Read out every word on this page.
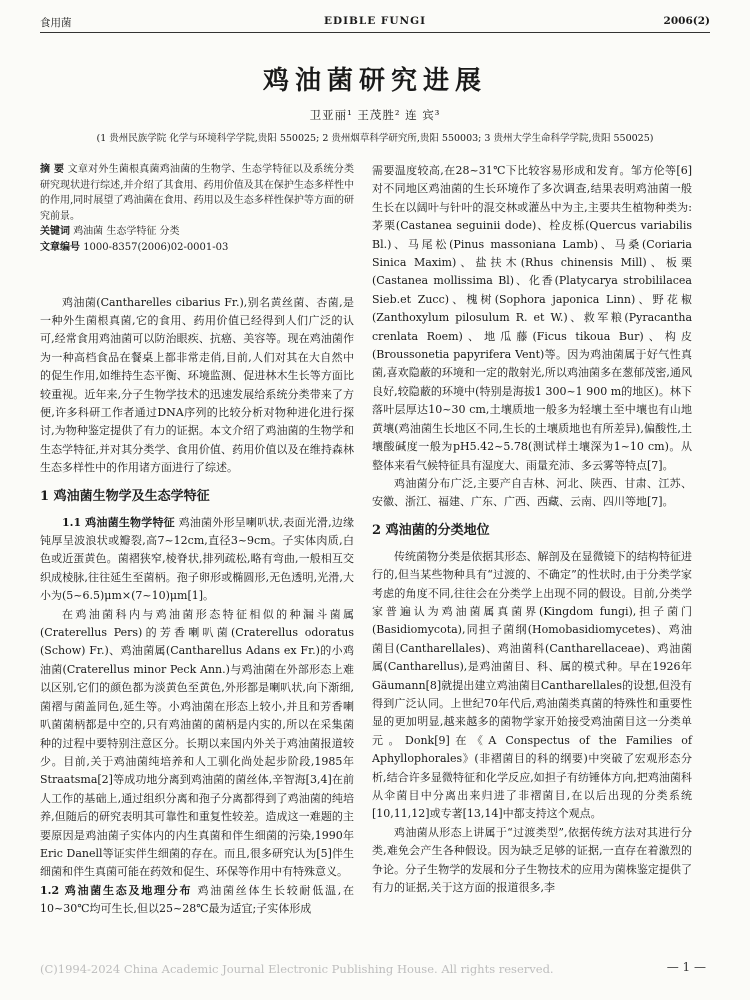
食用菌	EDIBLE FUNGI	2006(2)
鸡油菌研究进展
卫亚丽¹ 王茂胜² 连 宾³
(1 贵州民族学院 化学与环境科学学院,贵阳 550025; 2 贵州烟草科学研究所,贵阳 550003; 3 贵州大学生命科学学院,贵阳 550025)
摘 要 文章对外生菌根真菌鸡油菌的生物学、生态学特征以及系统分类研究现状进行综述,并介绍了其食用、药用价值及其在保护生态多样性中的作用,同时展望了鸡油菌在食用、药用以及生态多样性保护等方面的研究前景。
关键词 鸡油菌 生态学特征 分类
文章编号 1000-8357(2006)02-0001-03

鸡油菌(Cantharelles cibarius Fr.),别名黄丝菌、杏菌,是一种外生菌根真菌,它的食用、药用价值已经得到人们广泛的认可,经常食用鸡油菌可以防治眼疾、抗癌、美容等。现在鸡油菌作为一种高档食品在餐桌上都非常走俏,目前,人们对其在大自然中的促生作用,如维持生态平衡、环境监测、促进林木生长等方面比较重视。近年来,分子生物学技术的迅速发展给系统分类带来了方便,许多科研工作者通过DNA序列的比较分析对物种进化进行探讨,为物种鉴定提供了有力的证据。本文介绍了鸡油菌的生物学和生态学特征,并对其分类学、食用价值、药用价值以及在维持森林生态多样性中的作用诸方面进行了综述。

1 鸡油菌生物学及生态学特征

1.1 鸡油菌生物学特征 鸡油菌外形呈喇叭状,表面光滑,边缘钝厚呈波浪状或瓣裂,高7~12cm,直径3~9cm。子实体肉质,白色或近蛋黄色。菌褶狭窄,棱脊状,排列疏松,略有弯曲,一般相互交织成棱脉,往往延生至菌柄。孢子卵形或椭圆形,无色透明,光滑,大小为(5~6.5)μm×(7~10)μm[1]。

在鸡油菌科内与鸡油菌形态特征相似的种漏斗菌属(Craterellus Pers)的芳香喇叭菌(Craterellus odoratus (Schow) Fr.)、鸡油菌属(Cantharellus Adans ex Fr.)的小鸡油菌(Craterellus minor Peck Ann.)与鸡油菌在外部形态上难以区别,它们的颜色都为淡黄色至黄色,外形都是喇叭状,向下渐细,菌褶与菌盖同色,延生等。小鸡油菌在形态上较小,并且和芳香喇叭菌菌柄都是中空的,只有鸡油菌的菌柄是内实的,所以在采集菌种的过程中要特别注意区分。长期以来国内外关于鸡油菌报道较少。目前,关于鸡油菌纯培养和人工驯化尚处起步阶段,1985年Straatsma[2]等成功地分离到鸡油菌的菌丝体,辛智海[3,4]在前人工作的基础上,通过组织分离和孢子分离都得到了鸡油菌的纯培养,但随后的研究表明其可靠性和重复性较差。造成这一难题的主要原因是鸡油菌子实体内的内生真菌和伴生细菌的污染,1990年Eric Danell等证实伴生细菌的存在。而且,很多研究认为[5]伴生细菌和伴生真菌可能在药效和促生、环保等作用中有特殊意义。

1.2 鸡油菌生态及地理分布 鸡油菌丝体生长较耐低温,在10~30℃均可生长,但以25~28℃最为适宜;子实体形成

需要温度较高,在28~31℃下比较容易形成和发育。邹方伦等[6]对不同地区鸡油菌的生长环境作了多次调查,结果表明鸡油菌一般生长在以阔叶与针叶的混交林或灌丛中为主,主要共生植物种类为:茅栗(Castanea seguinii dode)、栓皮栎(Quercus variabilis Bl.)、马尾松(Pinus massoniana Lamb)、马桑(Coriaria Sinica Maxim)、盐扶木(Rhus chinensis Mill)、板栗(Castanea mollissima Bl)、化香(Platycarya strobililacea Sieb.et Zucc)、槐树(Sophora japonica Linn)、野花椒(Zanthoxylum pilosulum R. et W.)、救军粮(Pyracantha crenlata Roem)、地瓜藤(Ficus tikoua Bur)、构皮(Broussonetia papyrifera Vent)等。因为鸡油菌属于好气性真菌,喜欢隐蔽的环境和一定的散射光,所以鸡油菌多在葱郁茂密,通风良好,较隐蔽的环境中(特别是海拔1 300~1 900 m的地区)。林下落叶层厚达10~30 cm,土壤质地一般多为轻壤土至中壤也有山地黄壤(鸡油菌生长地区不同,生长的土壤质地也有所差异),偏酸性,土壤酸碱度一般为pH5.42~5.78(测试样土壤深为1~10 cm)。从整体来看气候特征具有湿度大、雨量充沛、多云雾等特点[7]。

鸡油菌分布广泛,主要产自吉林、河北、陕西、甘肃、江苏、安徽、浙江、福建、广东、广西、西藏、云南、四川等地[7]。

2 鸡油菌的分类地位

传统菌物分类是依据其形态、解剖及在显微镜下的结构特征进行的,但当某些物种具有“过渡的、不确定”的性状时,由于分类学家考虑的角度不同,往往会在分类学上出现不同的假设。目前,分类学家普遍认为鸡油菌属真菌界(Kingdom fungi),担子菌门(Basidiomycota),同担子菌纲(Homobasidiomycetes)、鸡油菌目(Cantharellales)、鸡油菌科(Cantharellaceae)、鸡油菌属(Cantharellus),是鸡油菌目、科、属的模式种。早在1926年Gäumann[8]就提出建立鸡油菌目Cantharellales的设想,但没有得到广泛认同。上世纪70年代后,鸡油菌类真菌的特殊性和重要性显的更加明显,越来越多的菌物学家开始接受鸡油菌目这一分类单元。Donk[9]在《A Conspectus of the Families of Aphyllophorales》(非褶菌目的科的纲要)中突破了宏观形态分析,结合许多显微特征和化学反应,如担子有纺锤体方向,把鸡油菌科从伞菌目中分离出来归进了非褶菌目,在以后出现的分类系统[10,11,12]或专著[13,14]中都支持这个观点。

鸡油菌从形态上讲属于“过渡类型”,依据传统方法对其进行分类,难免会产生各种假设。因为缺乏足够的证据,一直存在着激烈的争论。分子生物学的发展和分子生物技术的应用为菌株鉴定提供了有力的证据,关于这方面的报道很多,李

(C)1994-2024 China Academic Journal Electronic Publishing House. All rights reserved.	— 1 —
